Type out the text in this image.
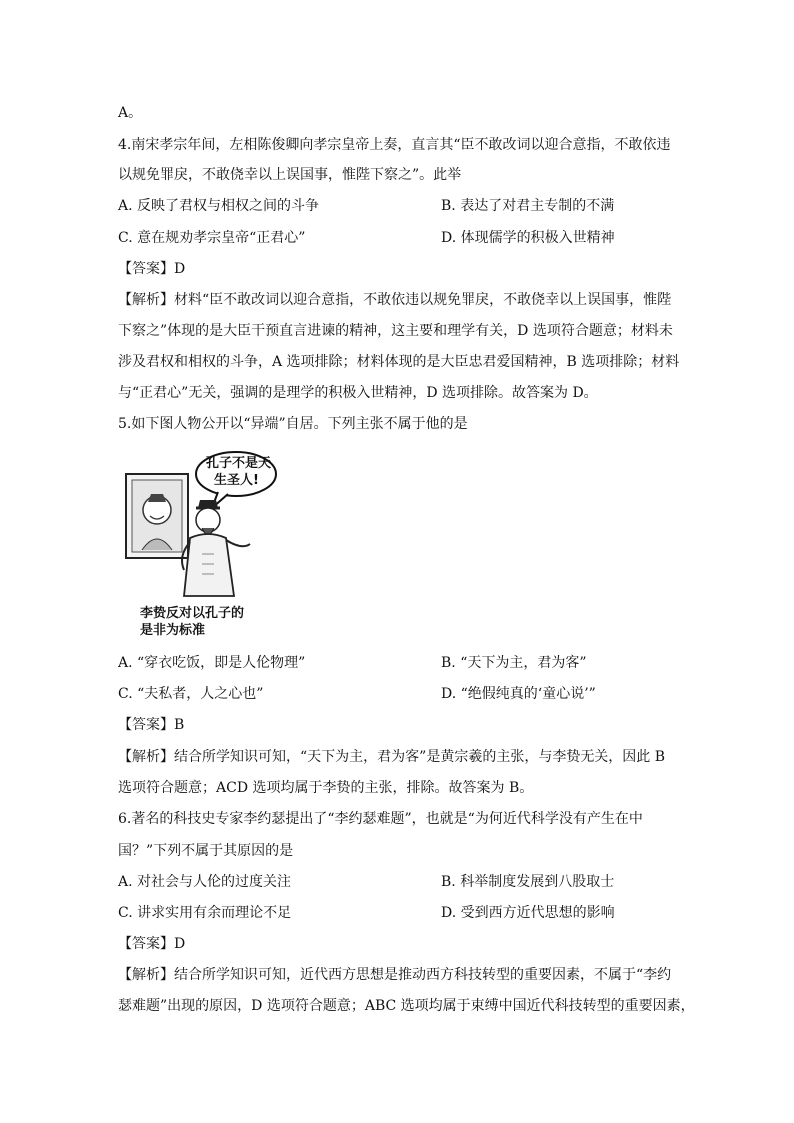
A。
4.南宋孝宗年间，左相陈俊卿向孝宗皇帝上奏，直言其“臣不敢改词以迎合意指，不敢依违
以规免罪戾，不敢侥幸以上误国事，惟陛下察之”。此举
A. 反映了君权与相权之间的斗争	B. 表达了对君主专制的不满
C. 意在规劝孝宗皇帝“正君心”	D. 体现儒学的积极入世精神
【答案】D
【解析】材料“臣不敢改词以迎合意指，不敢依违以规免罪戾，不敢侥幸以上误国事，惟陛
下察之”体现的是大臣干预直言进谏的精神，这主要和理学有关，D 选项符合题意；材料未
涉及君权和相权的斗争，A 选项排除；材料体现的是大臣忠君爱国精神，B 选项排除；材料
与“正君心”无关，强调的是理学的积极入世精神，D 选项排除。故答案为 D。
5.如下图人物公开以“异端”自居。下列主张不属于他的是
孔子不是天
生圣人!
李贽反对以孔子的
是非为标准
A. “穿衣吃饭，即是人伦物理”	B. “天下为主，君为客”
C. “夫私者，人之心也”	D. “绝假纯真的‘童心说’”
【答案】B
【解析】结合所学知识可知，“天下为主，君为客”是黄宗羲的主张，与李贽无关，因此 B
选项符合题意；ACD 选项均属于李贽的主张，排除。故答案为 B。
6.著名的科技史专家李约瑟提出了“李约瑟难题”，也就是“为何近代科学没有产生在中
国？”下列不属于其原因的是
A. 对社会与人伦的过度关注	B. 科举制度发展到八股取士
C. 讲求实用有余而理论不足	D. 受到西方近代思想的影响
【答案】D
【解析】结合所学知识可知，近代西方思想是推动西方科技转型的重要因素，不属于“李约
瑟难题”出现的原因，D 选项符合题意；ABC 选项均属于束缚中国近代科技转型的重要因素，
